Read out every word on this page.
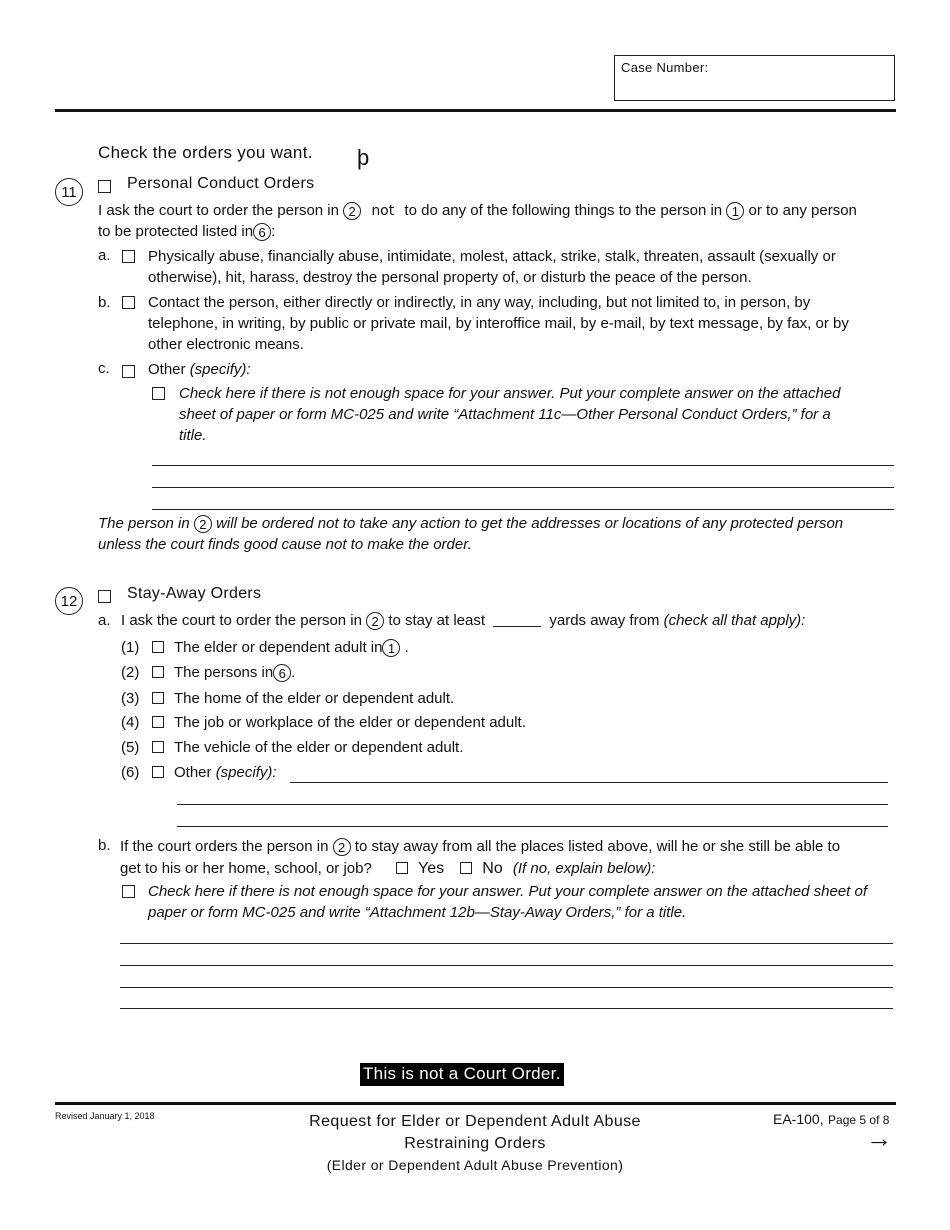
Case Number:
Check the orders you want. þ
11
Personal Conduct Orders
I ask the court to order the person in 2 not to do any of the following things to the person in 1 or to any person
to be protected listed in 6 :
a. Physically abuse, financially abuse, intimidate, molest, attack, strike, stalk, threaten, assault (sexually or
otherwise), hit, harass, destroy the personal property of, or disturb the peace of the person.
b. Contact the person, either directly or indirectly, in any way, including, but not limited to, in person, by
telephone, in writing, by public or private mail, by interoffice mail, by e-mail, by text message, by fax, or by
other electronic means.
c.	Other (specify):
Check here if there is not enough space for your answer. Put your complete answer on the attached
sheet of paper or form MC-025 and write “Attachment 11c—Other Personal Conduct Orders,” for a
title.
The person in 2 will be ordered not to take any action to get the addresses or locations of any protected person
unless the court finds good cause not to make the order.
12	Stay-Away Orders
a. I ask the court to order the person in 2 to stay at least	yards away from (check all that apply):
(1) The elder or dependent adult in 1 .
(2) The persons in 6 .
(3) The home of the elder or dependent adult.
(4) The job or workplace of the elder or dependent adult.
(5) The vehicle of the elder or dependent adult.
(6) Other (specify):
b. If the court orders the person in 2 to stay away from all the places listed above, will he or she still be able to
get to his or her home, school, or job?	Yes No (If no, explain below):
Check here if there is not enough space for your answer. Put your complete answer on the attached sheet of
paper or form MC-025 and write “Attachment 12b—Stay-Away Orders,” for a title.
This is not a Court Order.
Revised January 1, 2018	Request for Elder or Dependent Adult Abuse
Restraining Orders
(Elder or Dependent Adult Abuse Prevention)
EA-100, Page 5 of 8
→
